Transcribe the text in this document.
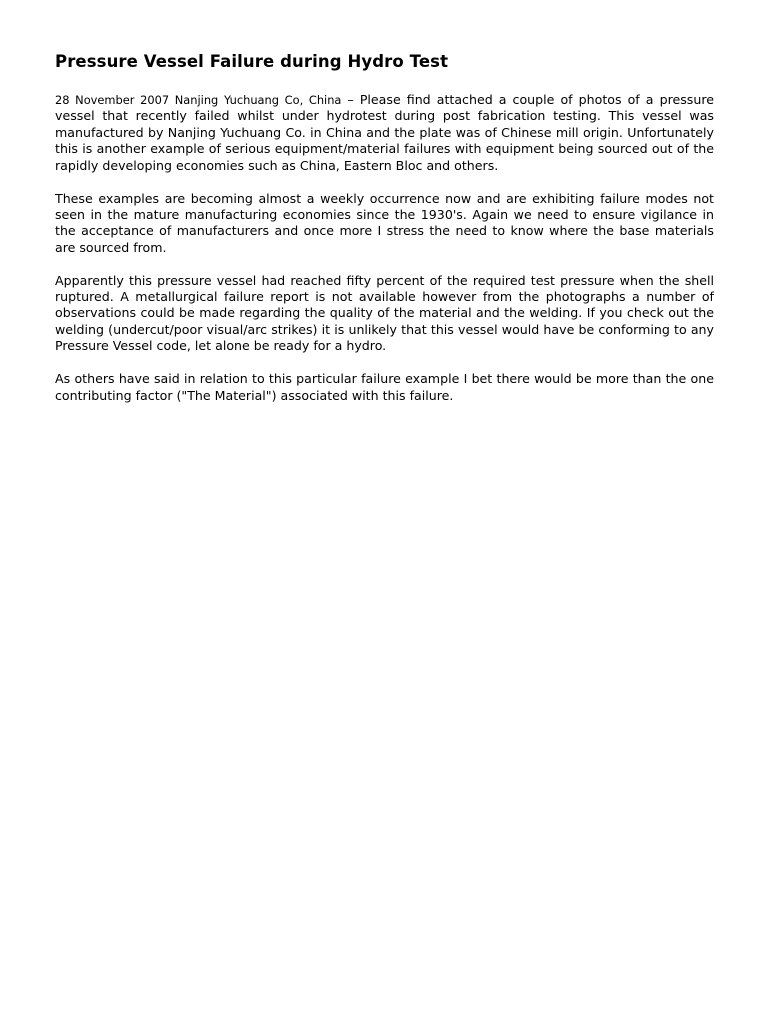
Pressure Vessel Failure during Hydro Test

28 November 2007 Nanjing Yuchuang Co, China – Please find attached a couple of photos of a pressure vessel that recently failed whilst under hydrotest during post fabrication testing. This vessel was manufactured by Nanjing Yuchuang Co. in China and the plate was of Chinese mill origin. Unfortunately this is another example of serious equipment/material failures with equipment being sourced out of the rapidly developing economies such as China, Eastern Bloc and others.

These examples are becoming almost a weekly occurrence now and are exhibiting failure modes not seen in the mature manufacturing economies since the 1930's. Again we need to ensure vigilance in the acceptance of manufacturers and once more I stress the need to know where the base materials are sourced from.

Apparently this pressure vessel had reached fifty percent of the required test pressure when the shell ruptured. A metallurgical failure report is not available however from the photographs a number of observations could be made regarding the quality of the material and the welding. If you check out the welding (undercut/poor visual/arc strikes) it is unlikely that this vessel would have be conforming to any Pressure Vessel code, let alone be ready for a hydro.

As others have said in relation to this particular failure example I bet there would be more than the one contributing factor ("The Material") associated with this failure.
